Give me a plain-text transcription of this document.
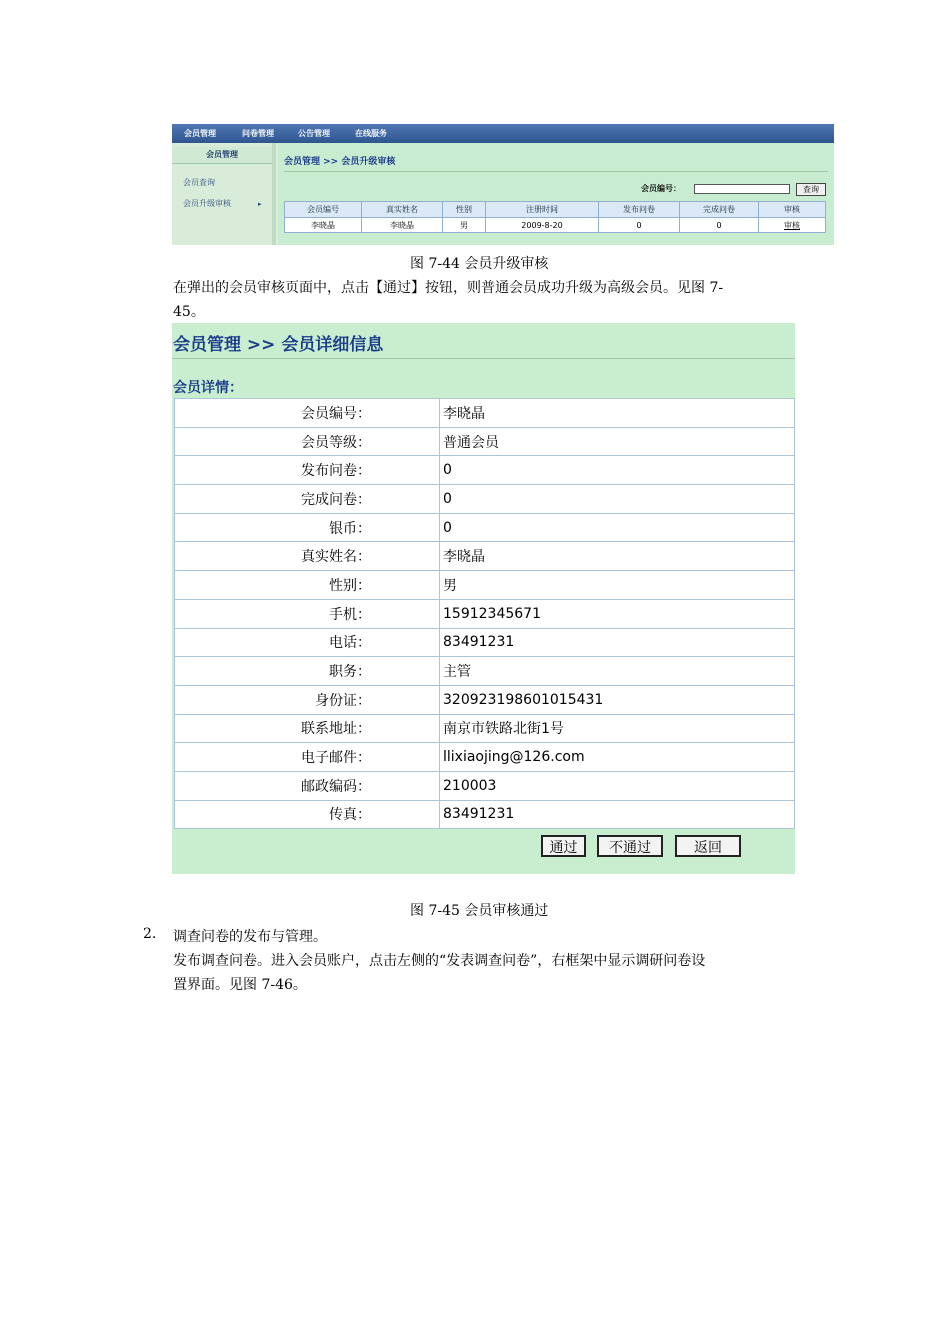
会员管理	问卷管理	公告管理	在线服务
会员管理
会员查询
会员升级审核	▸
会员管理 >> 会员升级审核
会员编号：	查询
会员编号	真实姓名	性别	注册时间	发布问卷	完成问卷	审核
李晓晶	李晓晶	男	2009-8-20	0	0	审核
图 7-44 会员升级审核
在弹出的会员审核页面中，点击【通过】按钮，则普通会员成功升级为高级会员。见图 7-
45。
会员管理 >> 会员详细信息
会员详情：
会员编号：	李晓晶
会员等级：	普通会员
发布问卷：	0
完成问卷：	0
银币：	0
真实姓名：	李晓晶
性别：	男
手机：	15912345671
电话：	83491231
职务：	主管
身份证：	320923198601015431
联系地址：	南京市铁路北街1号
电子邮件：	llixiaojing@126.com
邮政编码：	210003
传真：	83491231
通过	不通过	返回
图 7-45 会员审核通过
2. 调查问卷的发布与管理。
发布调查问卷。进入会员账户，点击左侧的“发表调查问卷”，右框架中显示调研问卷设
置界面。见图 7-46。
